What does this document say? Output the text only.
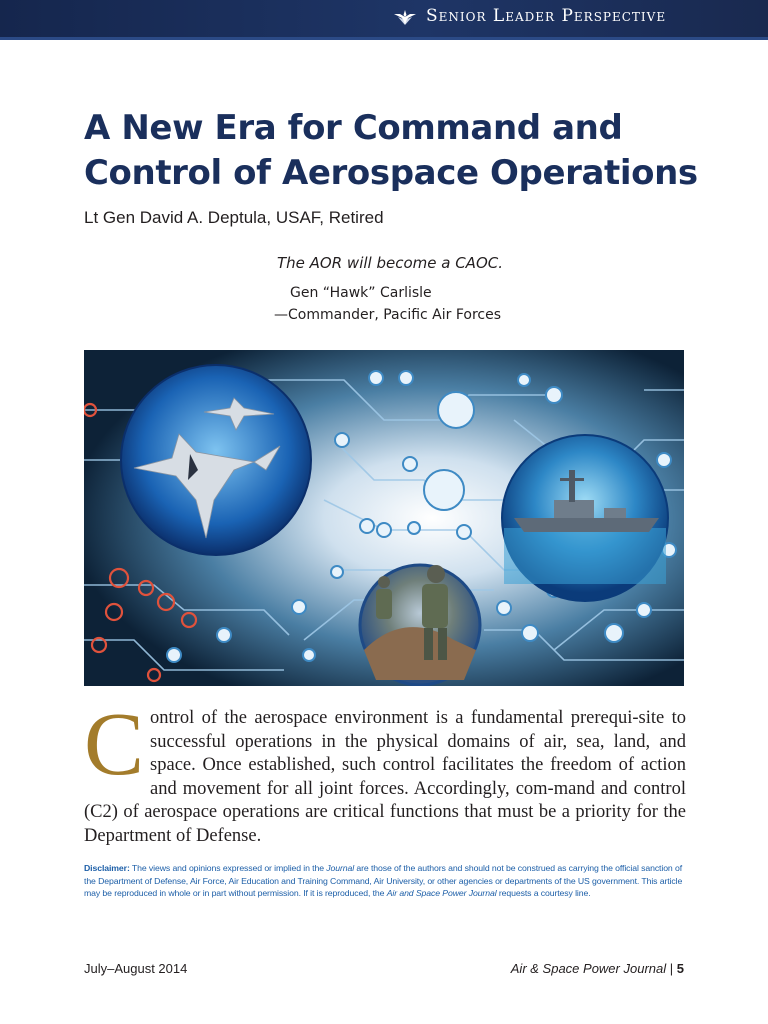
Senior Leader Perspective
A New Era for Command and
Control of Aerospace Operations
Lt Gen David A. Deptula, USAF, Retired
The AOR will become a CAOC.
Gen “Hawk” Carlisle
—Commander, Pacific Air Forces

Control of the aerospace environment is a fundamental prerequi-site to successful operations in the physical domains of air, sea, land, and space. Once established, such control facilitates the freedom of action and movement for all joint forces. Accordingly, com-mand and control (C2) of aerospace operations are critical functions that must be a priority for the Department of Defense.

Disclaimer: The views and opinions expressed or implied in the Journal are those of the authors and should not be construed as carrying the official sanction of the Department of Defense, Air Force, Air Education and Training Command, Air University, or other agencies or departments of the US government. This article may be reproduced in whole or in part without permission. If it is reproduced, the Air and Space Power Journal requests a courtesy line.

July–August 2014	Air & Space Power Journal | 5
